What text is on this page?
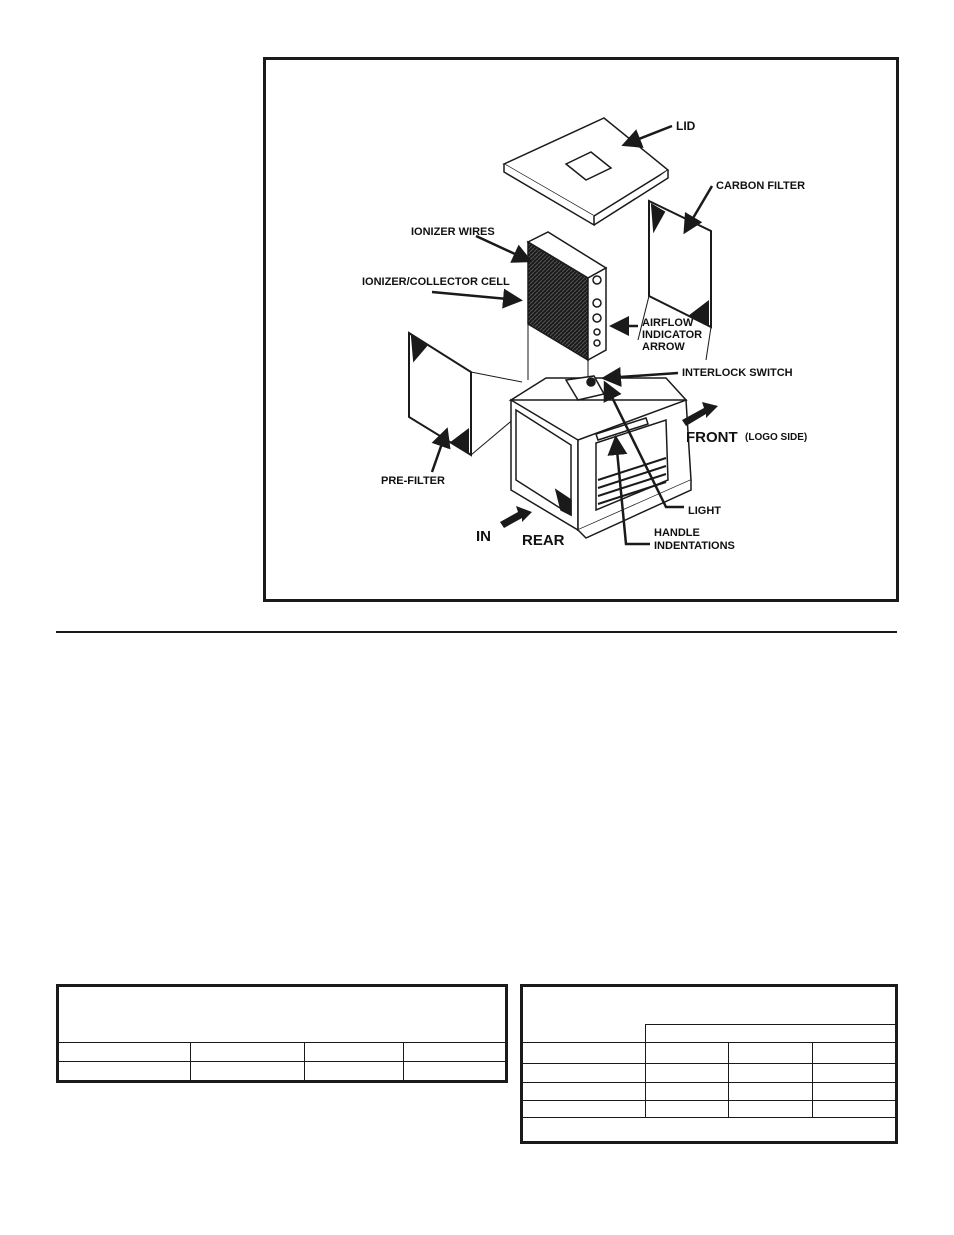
LID
CARBON FILTER
IONIZER WIRES
IONIZER/COLLECTOR CELL
AIRFLOW
INDICATOR
ARROW
INTERLOCK SWITCH
FRONT (LOGO SIDE)
PRE-FILTER
LIGHT
HANDLE
INDENTATIONS
IN REAR
